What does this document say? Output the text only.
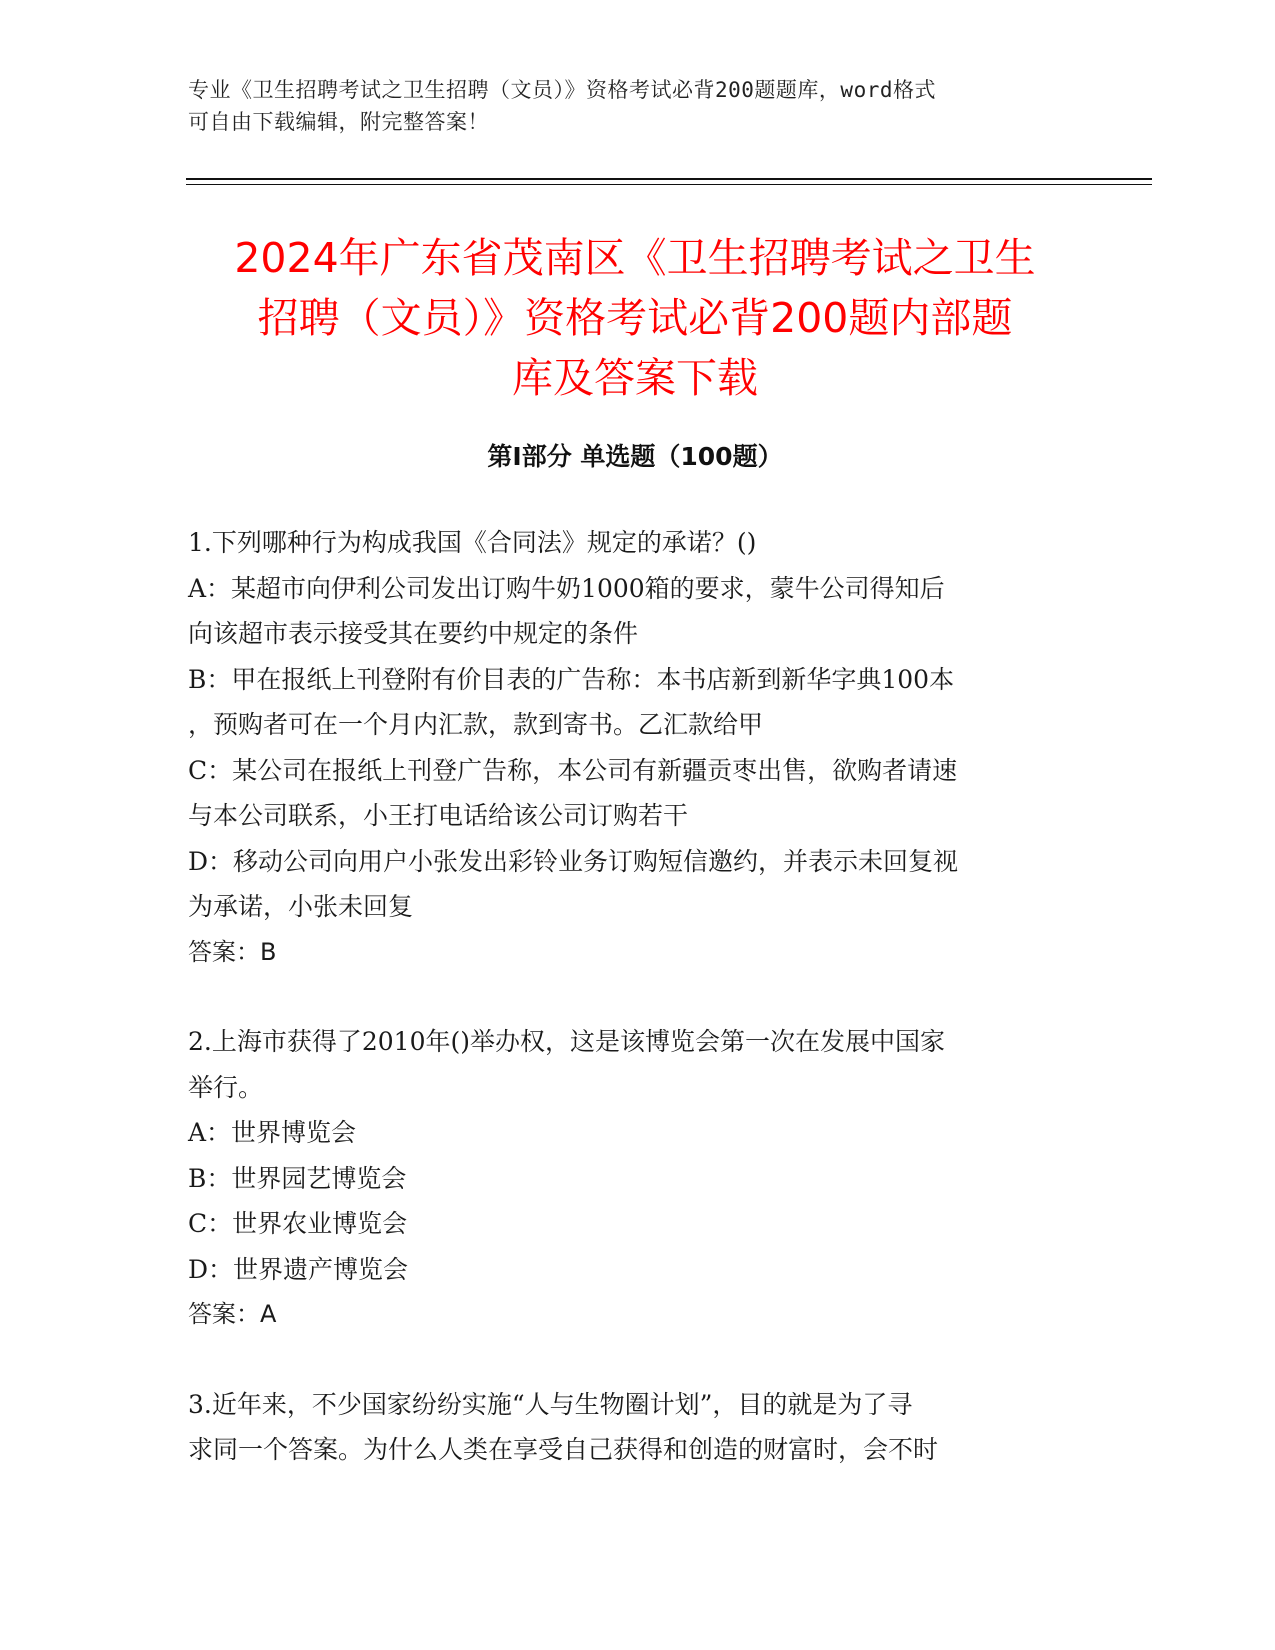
专业《卫生招聘考试之卫生招聘（文员）》资格考试必背200题题库，word格式
可自由下载编辑，附完整答案！
2024年广东省茂南区《卫生招聘考试之卫生
招聘（文员）》资格考试必背200题内部题
库及答案下载
第Ⅰ部分 单选题（100题）

1.下列哪种行为构成我国《合同法》规定的承诺？()

A：某超市向伊利公司发出订购牛奶1000箱的要求，蒙牛公司得知后

向该超市表示接受其在要约中规定的条件

B：甲在报纸上刊登附有价目表的广告称：本书店新到新华字典100本

，预购者可在一个月内汇款，款到寄书。乙汇款给甲

C：某公司在报纸上刊登广告称，本公司有新疆贡枣出售，欲购者请速

与本公司联系，小王打电话给该公司订购若干

D：移动公司向用户小张发出彩铃业务订购短信邀约，并表示未回复视

为承诺，小张未回复

答案：B

2.上海市获得了2010年()举办权，这是该博览会第一次在发展中国家

举行。

A：世界博览会

B：世界园艺博览会

C：世界农业博览会

D：世界遗产博览会

答案：A

3.近年来，不少国家纷纷实施“人与生物圈计划”，目的就是为了寻

求同一个答案。为什么人类在享受自己获得和创造的财富时，会不时
